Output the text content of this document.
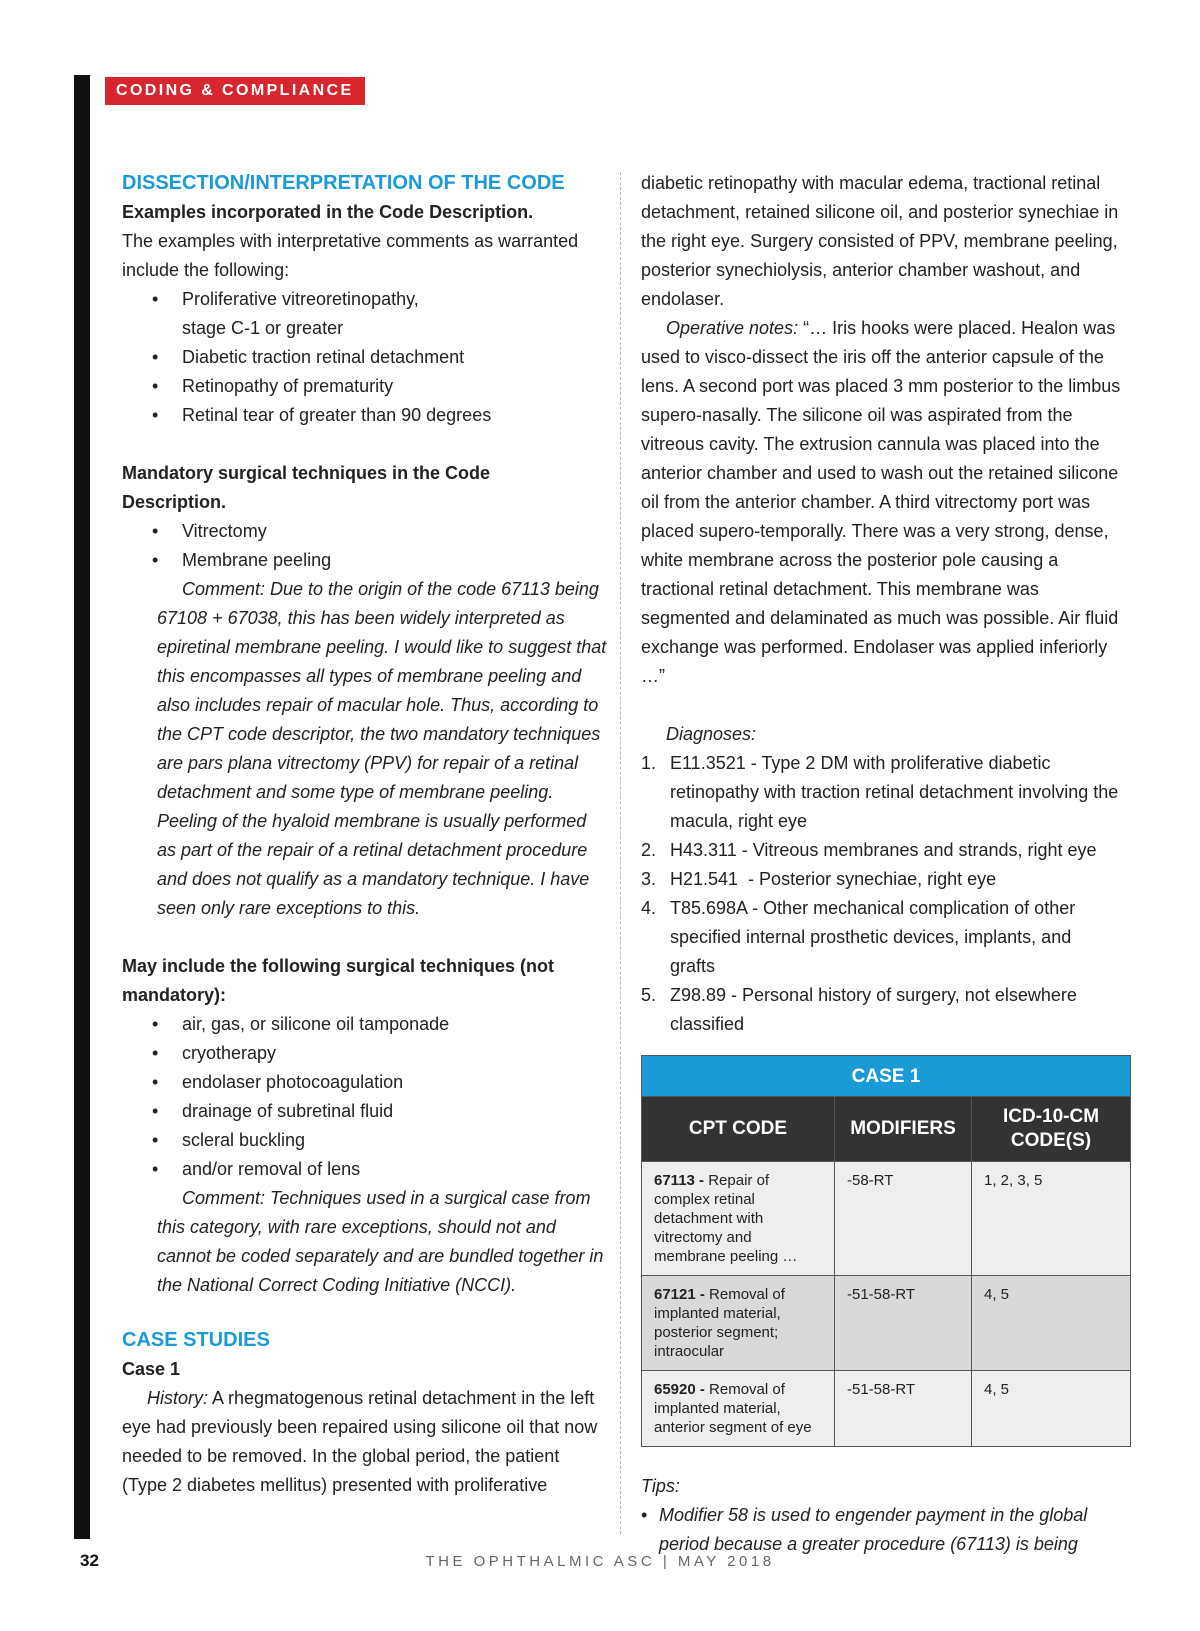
CODING & COMPLIANCE
DISSECTION/INTERPRETATION OF THE CODE

Examples incorporated in the Code Description.

The examples with interpretative comments as warranted include the following:

• Proliferative vitreoretinopathy, stage C-1 or greater
• Diabetic traction retinal detachment
• Retinopathy of prematurity
• Retinal tear of greater than 90 degrees

Mandatory surgical techniques in the Code Description.

• Vitrectomy
• Membrane peeling

Comment: Due to the origin of the code 67113 being 67108 + 67038, this has been widely interpreted as epiretinal membrane peeling. I would like to suggest that this encompasses all types of membrane peeling and also includes repair of macular hole. Thus, according to the CPT code descriptor, the two mandatory techniques are pars plana vitrectomy (PPV) for repair of a retinal detachment and some type of membrane peeling. Peeling of the hyaloid membrane is usually performed as part of the repair of a retinal detachment procedure and does not qualify as a mandatory technique. I have seen only rare exceptions to this.

May include the following surgical techniques (not mandatory):

• air, gas, or silicone oil tamponade
• cryotherapy
• endolaser photocoagulation
• drainage of subretinal fluid
• scleral buckling
• and/or removal of lens

Comment: Techniques used in a surgical case from this category, with rare exceptions, should not and cannot be coded separately and are bundled together in the National Correct Coding Initiative (NCCI).

CASE STUDIES

Case 1

History: A rhegmatogenous retinal detachment in the left eye had previously been repaired using silicone oil that now needed to be removed. In the global period, the patient (Type 2 diabetes mellitus) presented with proliferative

diabetic retinopathy with macular edema, tractional retinal detachment, retained silicone oil, and posterior synechiae in the right eye. Surgery consisted of PPV, membrane peeling, posterior synechiolysis, anterior chamber washout, and endolaser.

Operative notes: “… Iris hooks were placed. Healon was used to visco-dissect the iris off the anterior capsule of the lens. A second port was placed 3 mm posterior to the limbus supero-nasally. The silicone oil was aspirated from the vitreous cavity. The extrusion cannula was placed into the anterior chamber and used to wash out the retained silicone oil from the anterior chamber. A third vitrectomy port was placed supero-temporally. There was a very strong, dense, white membrane across the posterior pole causing a tractional retinal detachment. This membrane was segmented and delaminated as much was possible. Air fluid exchange was performed. Endolaser was applied inferiorly …”

Diagnoses:

1. E11.3521 - Type 2 DM with proliferative diabetic retinopathy with traction retinal detachment involving the macula, right eye
2. H43.311 - Vitreous membranes and strands, right eye
3. H21.541  - Posterior synechiae, right eye
4. T85.698A - Other mechanical complication of other specified internal prosthetic devices, implants, and grafts
5. Z98.89 - Personal history of surgery, not elsewhere classified
CASE 1		
CPT CODE	MODIFIERS	ICD-10-CM CODE(S)
67113 - Repair of complex retinal detachment with vitrectomy and membrane peeling …	-58-RT	1, 2, 3, 5
67121 - Removal of implanted material, posterior segment; intraocular	-51-58-RT	4, 5
65920 - Removal of implanted material, anterior segment of eye	-51-58-RT	4, 5

Tips:

• Modifier 58 is used to engender payment in the global period because a greater procedure (67113) is being
32	THE OPHTHALMIC ASC | MAY 2018
